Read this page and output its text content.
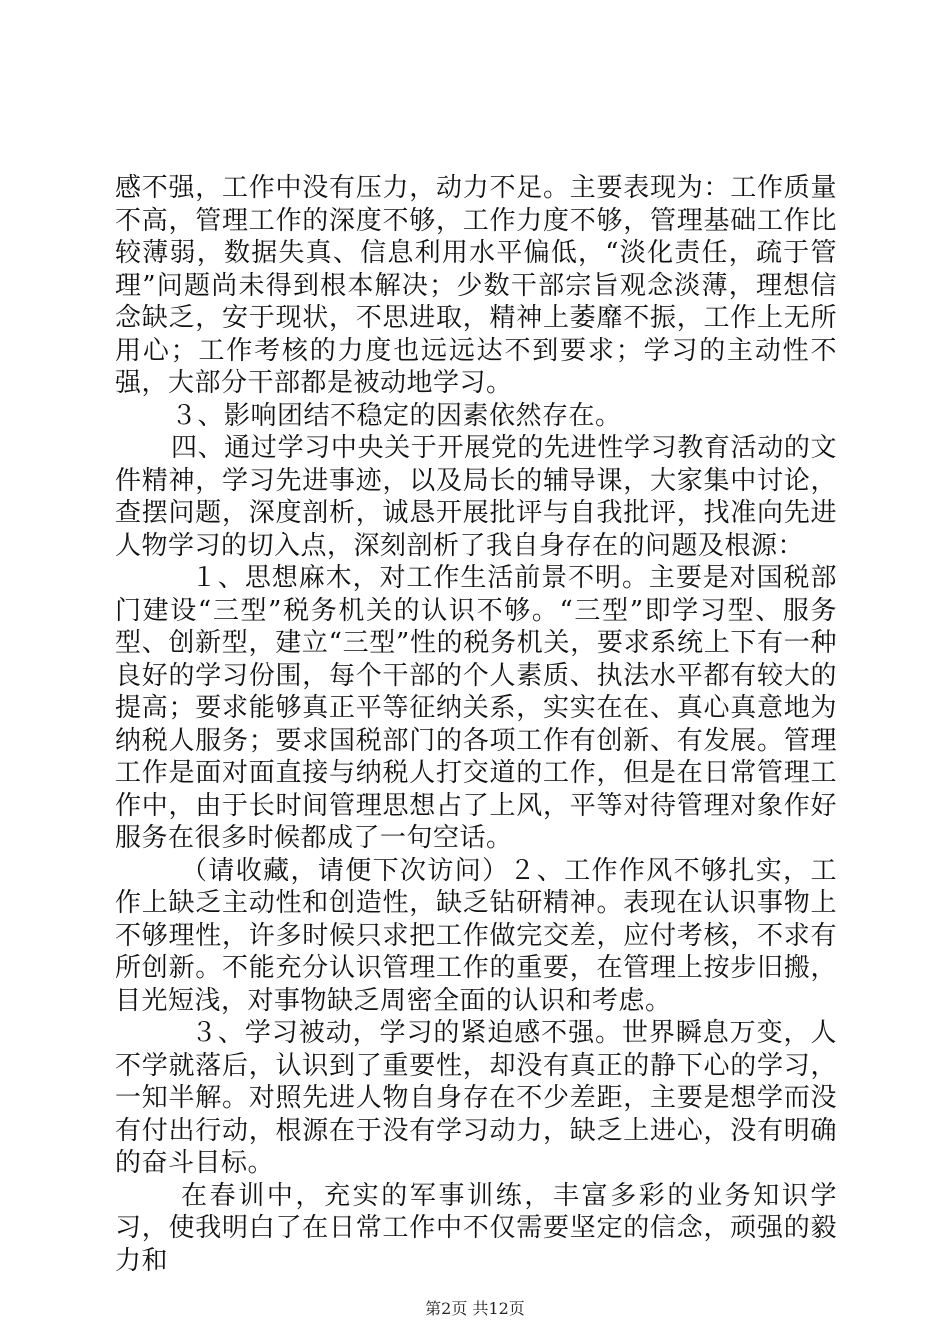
感不强，工作中没有压力，动力不足。主要表现为：工作质量不高，管理工作的深度不够，工作力度不够，管理基础工作比较薄弱，数据失真、信息利用水平偏低，“淡化责任，疏于管理”问题尚未得到根本解决；少数干部宗旨观念淡薄，理想信念缺乏，安于现状，不思进取，精神上萎靡不振，工作上无所用心；工作考核的力度也远远达不到要求；学习的主动性不强，大部分干部都是被动地学习。

３、影响团结不稳定的因素依然存在。

四、通过学习中央关于开展党的先进性学习教育活动的文件精神，学习先进事迹，以及局长的辅导课，大家集中讨论，查摆问题，深度剖析，诚恳开展批评与自我批评，找准向先进人物学习的切入点，深刻剖析了我自身存在的问题及根源：

１、思想麻木，对工作生活前景不明。主要是对国税部门建设“三型”税务机关的认识不够。“三型”即学习型、服务型、创新型，建立“三型”性的税务机关，要求系统上下有一种良好的学习份围，每个干部的个人素质、执法水平都有较大的提高；要求能够真正平等征纳关系，实实在在、真心真意地为纳税人服务；要求国税部门的各项工作有创新、有发展。管理工作是面对面直接与纳税人打交道的工作，但是在日常管理工作中，由于长时间管理思想占了上风，平等对待管理对象作好服务在很多时候都成了一句空话。

（请收藏，请便下次访问）２、工作作风不够扎实，工作上缺乏主动性和创造性，缺乏钻研精神。表现在认识事物上不够理性，许多时候只求把工作做完交差，应付考核，不求有所创新。不能充分认识管理工作的重要，在管理上按步旧搬，目光短浅，对事物缺乏周密全面的认识和考虑。

３、学习被动，学习的紧迫感不强。世界瞬息万变，人不学就落后，认识到了重要性，却没有真正的静下心的学习，一知半解。对照先进人物自身存在不少差距，主要是想学而没有付出行动，根源在于没有学习动力，缺乏上进心，没有明确的奋斗目标。

在春训中，充实的军事训练，丰富多彩的业务知识学习，使我明白了在日常工作中不仅需要坚定的信念，顽强的毅力和

第2页 共12页
